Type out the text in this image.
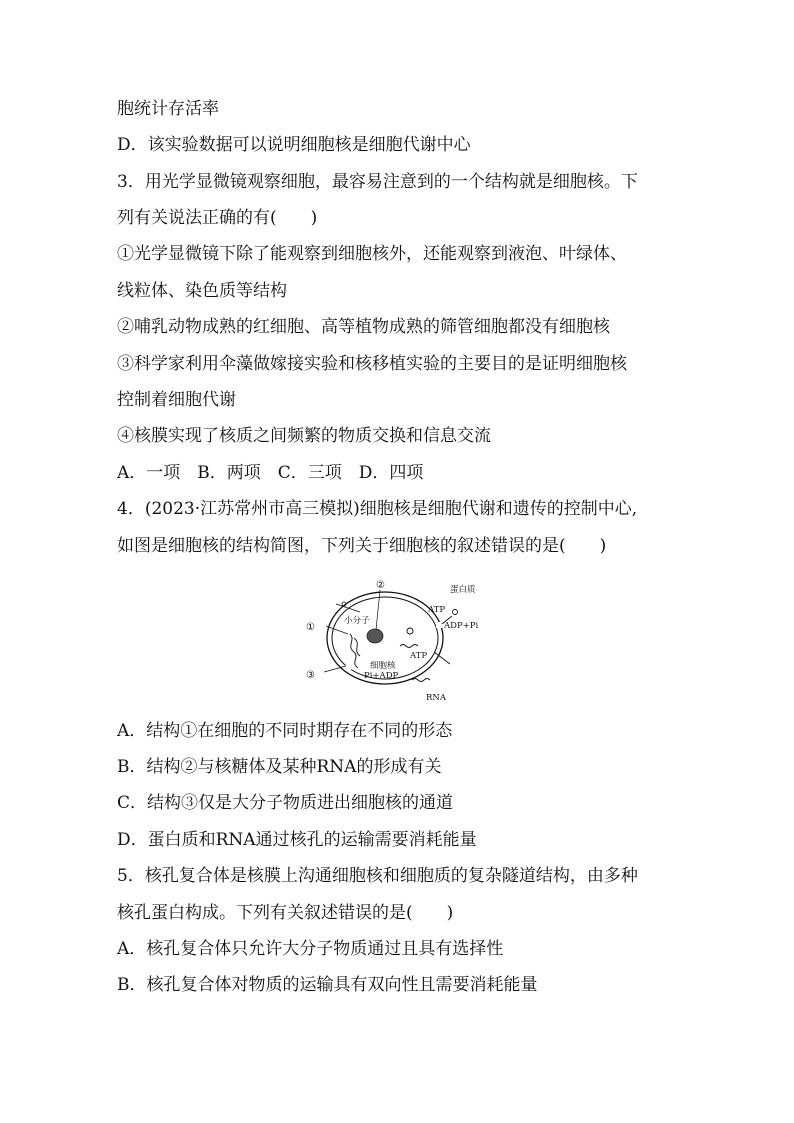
胞统计存活率
D．该实验数据可以说明细胞核是细胞代谢中心
3．用光学显微镜观察细胞，最容易注意到的一个结构就是细胞核。下
列有关说法正确的有(　　)
①光学显微镜下除了能观察到细胞核外，还能观察到液泡、叶绿体、
线粒体、染色质等结构
②哺乳动物成熟的红细胞、高等植物成熟的筛管细胞都没有细胞核
③科学家利用伞藻做嫁接实验和核移植实验的主要目的是证明细胞核
控制着细胞代谢
④核膜实现了核质之间频繁的物质交换和信息交流
A．一项　B．两项　C．三项　D．四项
4．(2023·江苏常州市高三模拟)细胞核是细胞代谢和遗传的控制中心,
如图是细胞核的结构简图，下列关于细胞核的叙述错误的是(　　)
①
②
③
蛋白质
ATP
ADP+Pi
小分子
ATP
细胞核
Pi+ADP
RNA
A．结构①在细胞的不同时期存在不同的形态
B．结构②与核糖体及某种RNA的形成有关
C．结构③仅是大分子物质进出细胞核的通道
D．蛋白质和RNA通过核孔的运输需要消耗能量
5．核孔复合体是核膜上沟通细胞核和细胞质的复杂隧道结构，由多种
核孔蛋白构成。下列有关叙述错误的是(　　)
A．核孔复合体只允许大分子物质通过且具有选择性
B．核孔复合体对物质的运输具有双向性且需要消耗能量
